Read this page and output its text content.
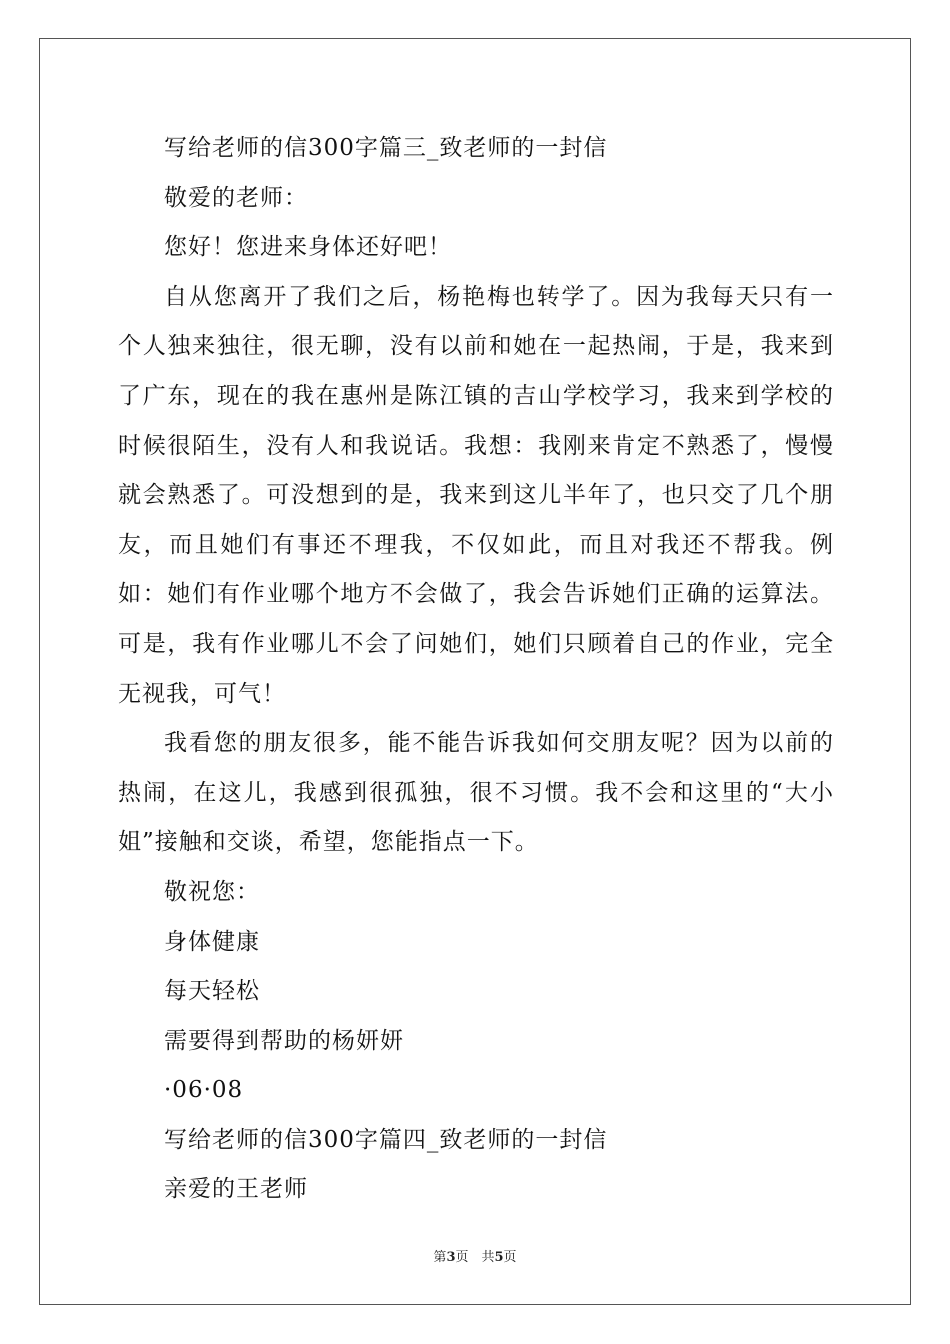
写给老师的信300字篇三_致老师的一封信

敬爱的老师：

您好！您进来身体还好吧！

自从您离开了我们之后，杨艳梅也转学了。因为我每天只有一个人独来独往，很无聊，没有以前和她在一起热闹，于是，我来到了广东，现在的我在惠州是陈江镇的吉山学校学习，我来到学校的时候很陌生，没有人和我说话。我想：我刚来肯定不熟悉了，慢慢就会熟悉了。可没想到的是，我来到这儿半年了，也只交了几个朋友，而且她们有事还不理我，不仅如此，而且对我还不帮我。例如：她们有作业哪个地方不会做了，我会告诉她们正确的运算法。可是，我有作业哪儿不会了问她们，她们只顾着自己的作业，完全无视我，可气！

我看您的朋友很多，能不能告诉我如何交朋友呢？因为以前的热闹，在这儿，我感到很孤独，很不习惯。我不会和这里的“大小姐”接触和交谈，希望，您能指点一下。

敬祝您：

身体健康

每天轻松

需要得到帮助的杨妍妍

·06·08

写给老师的信300字篇四_致老师的一封信

亲爱的王老师

第3页　共5页
